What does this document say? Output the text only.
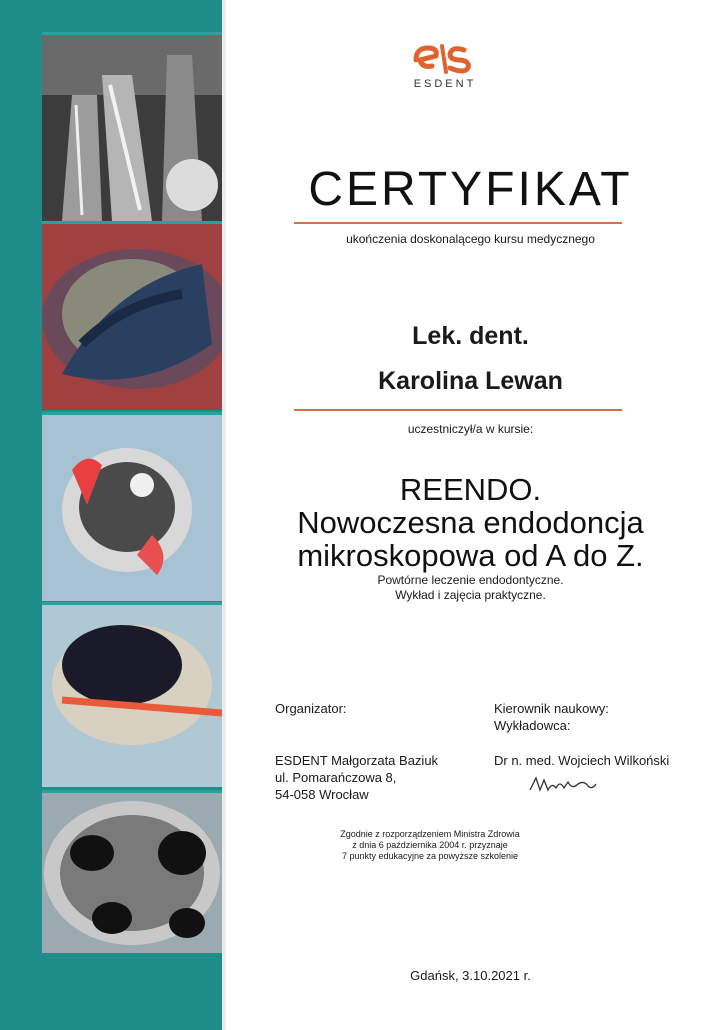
ESDENT
CERTYFIKAT
ukończenia doskonalącego kursu medycznego
Lek. dent.
Karolina Lewan
uczestniczył/a w kursie:
REENDO.
Nowoczesna endodoncja
mikroskopowa od A do Z.
Powtórne leczenie endodontyczne.
Wykład i zajęcia praktyczne.
Organizator:
ESDENT Małgorzata Baziuk
ul. Pomarańczowa 8,
54-058 Wrocław
Kierownik naukowy:
Wykładowca:
Dr n. med. Wojciech Wilkoński
Zgodnie z rozporządzeniem Ministra Zdrowia
z dnia 6 października 2004 r. przyznaje
7 punkty edukacyjne za powyższe szkolenie
Gdańsk, 3.10.2021 r.
